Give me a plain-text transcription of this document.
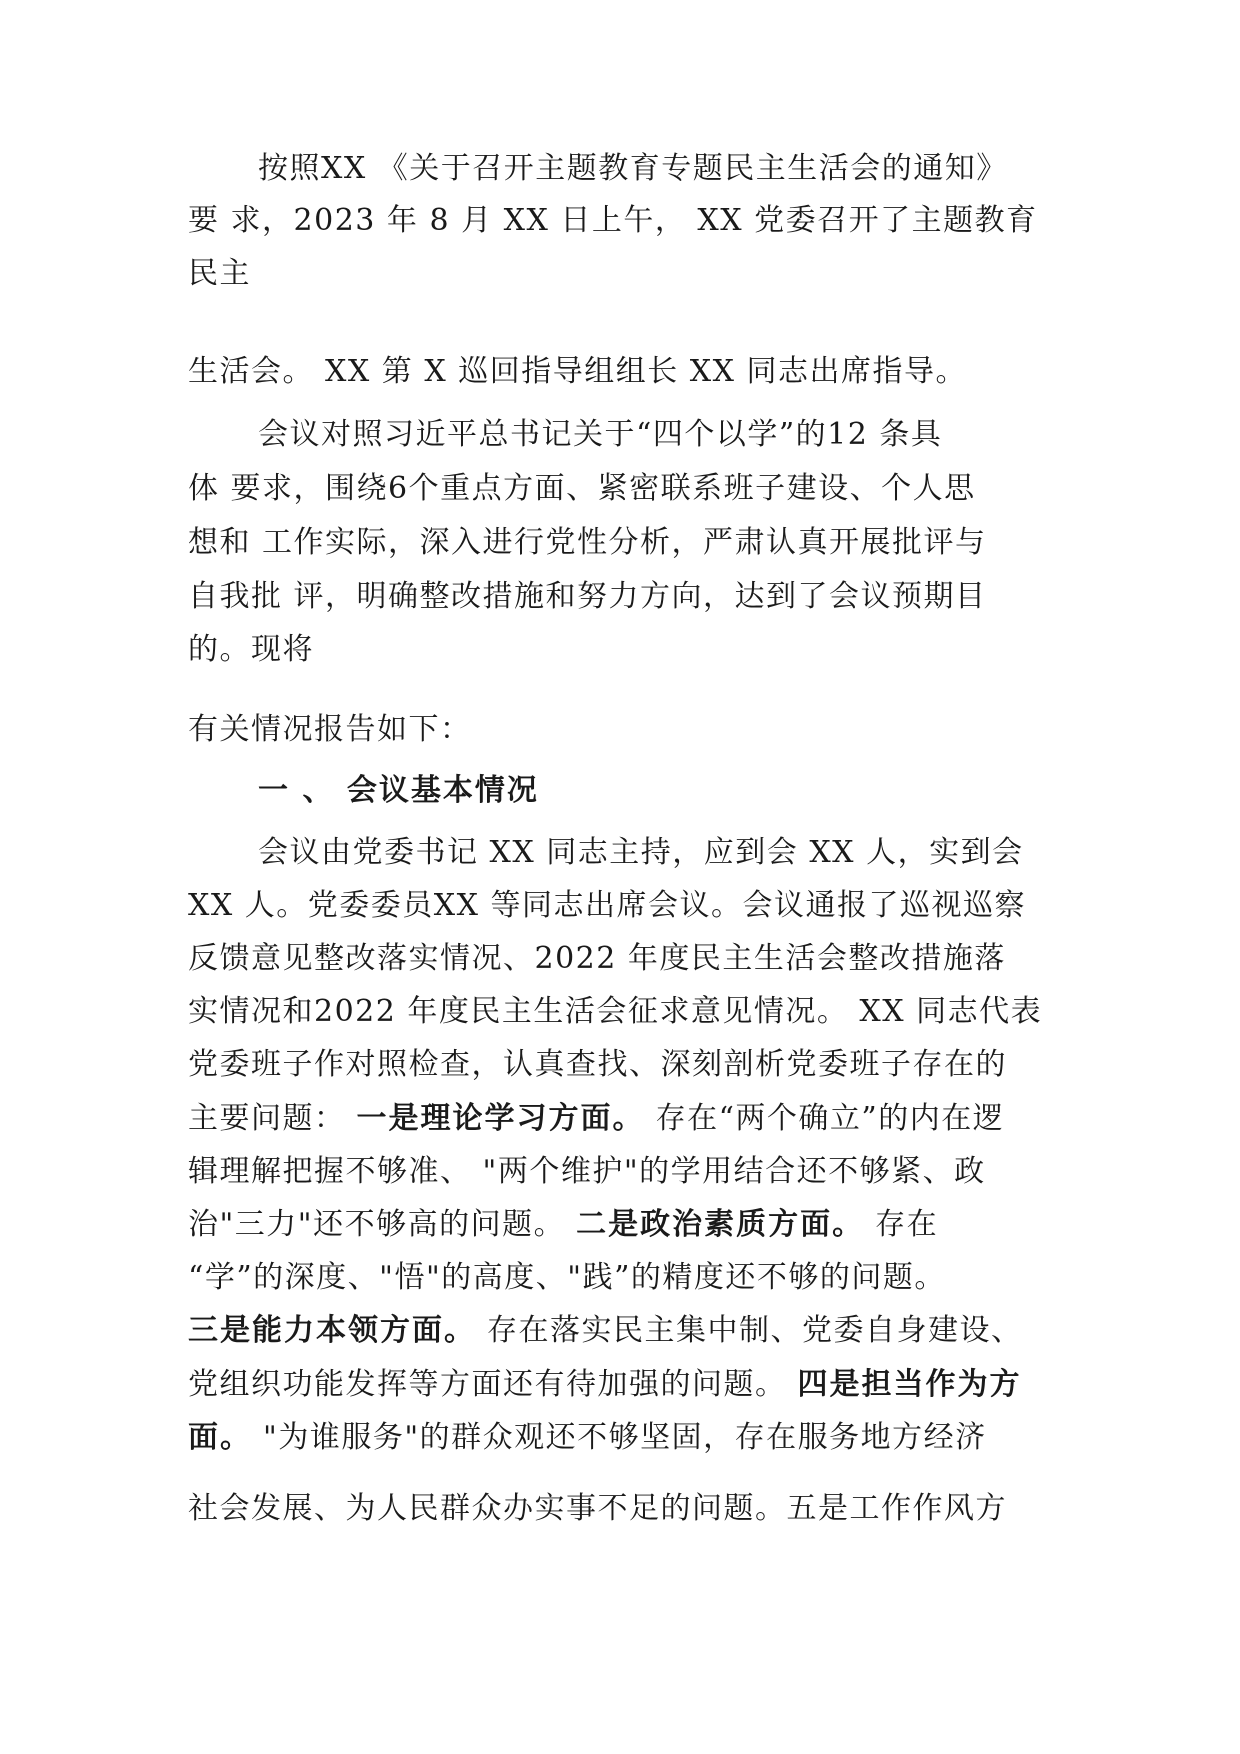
按照XX 《关于召开主题教育专题民主生活会的通知》
要 求，2023 年 8 月 XX 日上午， XX 党委召开了主题教育
民主
生活会。 XX 第 X 巡回指导组组长 XX 同志出席指导。
会议对照习近平总书记关于“四个以学”的12 条具
体 要求，围绕6个重点方面、紧密联系班子建设、个人思
想和 工作实际，深入进行党性分析，严肃认真开展批评与
自我批 评，明确整改措施和努力方向，达到了会议预期目
的。现将
有关情况报告如下：
一 、 会议基本情况
会议由党委书记 XX 同志主持，应到会 XX 人，实到会
XX 人。党委委员XX 等同志出席会议。会议通报了巡视巡察
反馈意见整改落实情况、2022 年度民主生活会整改措施落
实情况和2022 年度民主生活会征求意见情况。 XX 同志代表
党委班子作对照检查，认真查找、深刻剖析党委班子存在的
主要问题： 一是理论学习方面。 存在“两个确立”的内在逻
辑理解把握不够准、 "两个维护"的学用结合还不够紧、政
治"三力"还不够高的问题。 二是政治素质方面。 存在
“学”的深度、"悟"的高度、"践”的精度还不够的问题。
三是能力本领方面。 存在落实民主集中制、党委自身建设、
党组织功能发挥等方面还有待加强的问题。 四是担当作为方
面。 "为谁服务"的群众观还不够坚固，存在服务地方经济
社会发展、为人民群众办实事不足的问题。五是工作作风方
